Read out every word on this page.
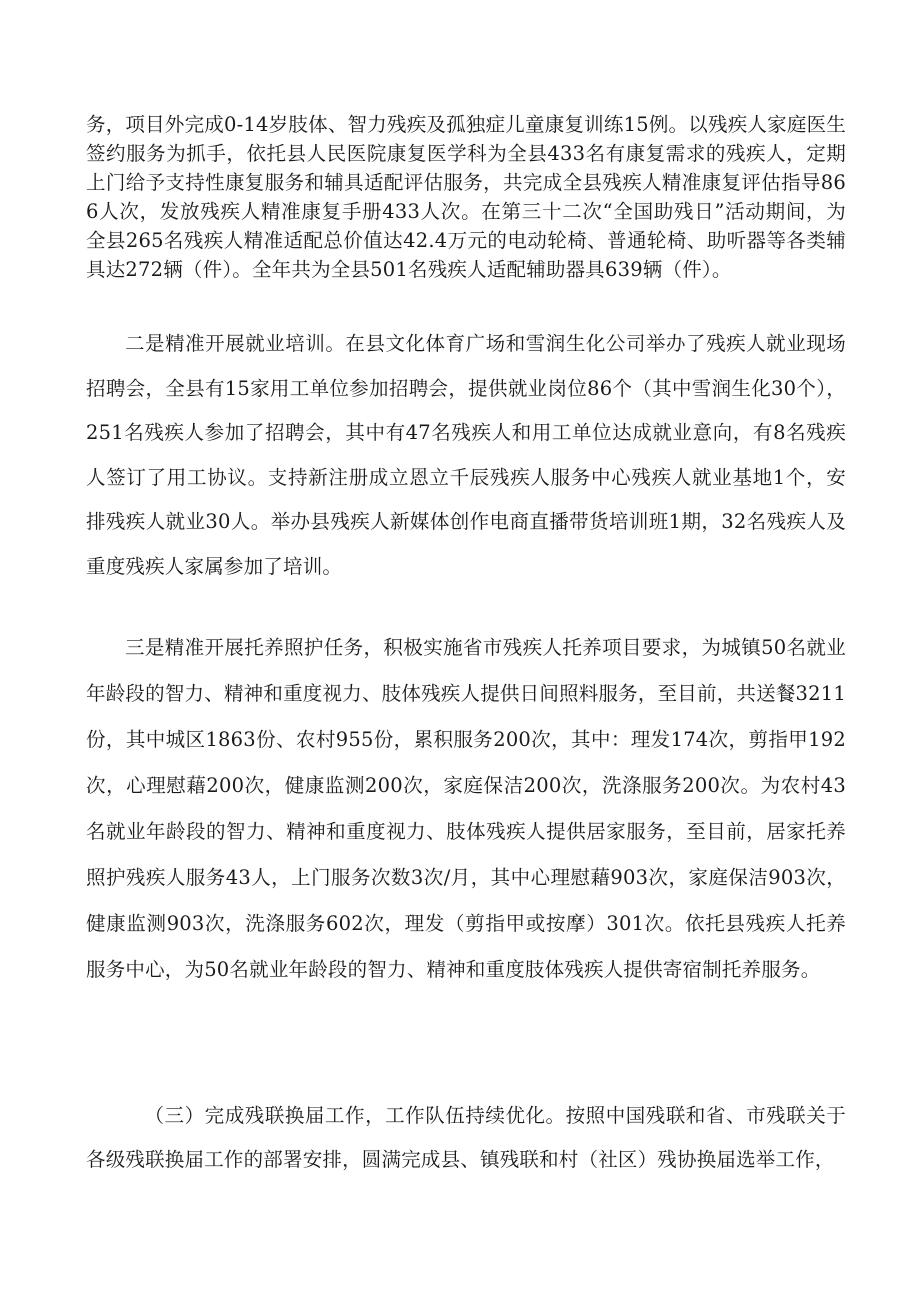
务，项目外完成0-14岁肢体、智力残疾及孤独症儿童康复训练15例。以残疾人家庭医生签约服务为抓手，依托县人民医院康复医学科为全县433名有康复需求的残疾人，定期上门给予支持性康复服务和辅具适配评估服务，共完成全县残疾人精准康复评估指导866人次，发放残疾人精准康复手册433人次。在第三十二次“全国助残日”活动期间，为全县265名残疾人精准适配总价值达42.4万元的电动轮椅、普通轮椅、助听器等各类辅具达272辆（件）。全年共为全县501名残疾人适配辅助器具639辆（件）。

二是精准开展就业培训。在县文化体育广场和雪润生化公司举办了残疾人就业现场招聘会，全县有15家用工单位参加招聘会，提供就业岗位86个（其中雪润生化30个），251名残疾人参加了招聘会，其中有47名残疾人和用工单位达成就业意向，有8名残疾人签订了用工协议。支持新注册成立恩立千辰残疾人服务中心残疾人就业基地1个，安排残疾人就业30人。举办县残疾人新媒体创作电商直播带货培训班1期，32名残疾人及重度残疾人家属参加了培训。

三是精准开展托养照护任务，积极实施省市残疾人托养项目要求，为城镇50名就业年龄段的智力、精神和重度视力、肢体残疾人提供日间照料服务，至目前，共送餐3211份，其中城区1863份、农村955份，累积服务200次，其中：理发174次，剪指甲192次，心理慰藉200次，健康监测200次，家庭保洁200次，洗涤服务200次。为农村43名就业年龄段的智力、精神和重度视力、肢体残疾人提供居家服务，至目前，居家托养照护残疾人服务43人，上门服务次数3次/月，其中心理慰藉903次，家庭保洁903次，健康监测903次，洗涤服务602次，理发（剪指甲或按摩）301次。依托县残疾人托养服务中心，为50名就业年龄段的智力、精神和重度肢体残疾人提供寄宿制托养服务。

（三）完成残联换届工作，工作队伍持续优化。按照中国残联和省、市残联关于各级残联换届工作的部署安排，圆满完成县、镇残联和村（社区）残协换届选举工作，
